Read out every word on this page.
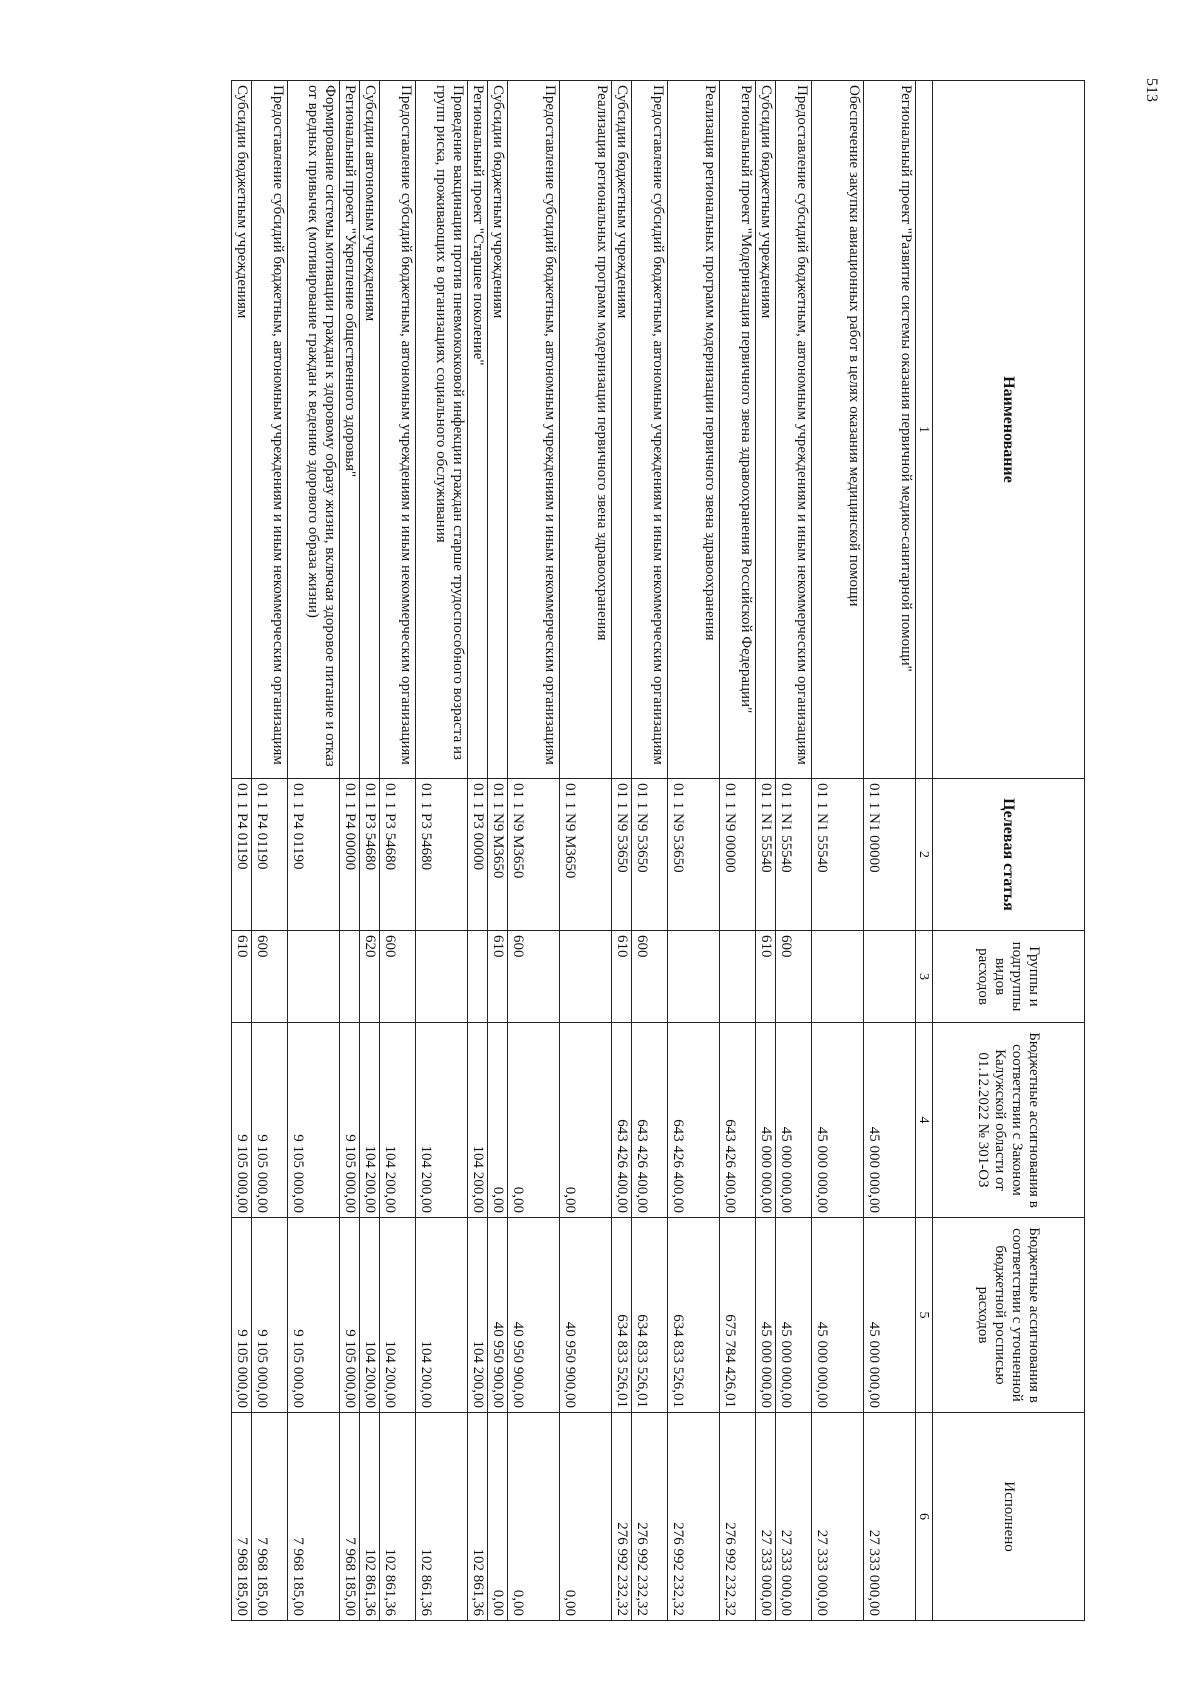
513
Наименование	Целевая статья	Группы и подгруппы видов расходов	Бюджетные ассигнования в соответствии с Законом Калужской области от 01.12.2022 № 301-ОЗ	Бюджетные ассигнования в соответствии с уточненной бюджетной росписью расходов	Исполнено
1	2	3	4	5	6
Региональный проект "Развитие системы оказания первичной медико-санитарной помощи"	01 1 N1 00000		45 000 000,00	45 000 000,00	27 333 000,00
Обеспечение закупки авиационных работ в целях оказания медицинской помощи	01 1 N1 55540		45 000 000,00	45 000 000,00	27 333 000,00
Предоставление субсидий бюджетным, автономным учреждениям и иным некоммерческим организациям	01 1 N1 55540	600	45 000 000,00	45 000 000,00	27 333 000,00
Субсидии бюджетным учреждениям	01 1 N1 55540	610	45 000 000,00	45 000 000,00	27 333 000,00
Региональный проект "Модернизация первичного звена здравоохранения Российской Федерации"	01 1 N9 00000		643 426 400,00	675 784 426,01	276 992 232,32
Реализация региональных программ модернизации первичного звена здравоохранения	01 1 N9 53650		643 426 400,00	634 833 526,01	276 992 232,32
Предоставление субсидий бюджетным, автономным учреждениям и иным некоммерческим организациям	01 1 N9 53650	600	643 426 400,00	634 833 526,01	276 992 232,32
Субсидии бюджетным учреждениям	01 1 N9 53650	610	643 426 400,00	634 833 526,01	276 992 232,32
Реализация региональных программ модернизации первичного звена здравоохранения	01 1 N9 М3650		0,00	40 950 900,00	0,00
Предоставление субсидий бюджетным, автономным учреждениям и иным некоммерческим организациям	01 1 N9 М3650	600	0,00	40 950 900,00	0,00
Субсидии бюджетным учреждениям	01 1 N9 М3650	610	0,00	40 950 900,00	0,00
Региональный проект "Старшее поколение"	01 1 P3 00000		104 200,00	104 200,00	102 861,36
Проведение вакцинации против пневмококковой инфекции граждан старше трудоспособного возраста из групп риска, проживающих в организациях социального обслуживания	01 1 P3 54680		104 200,00	104 200,00	102 861,36
Предоставление субсидий бюджетным, автономным учреждениям и иным некоммерческим организациям	01 1 P3 54680	600	104 200,00	104 200,00	102 861,36
Субсидии автономным учреждениям	01 1 P3 54680	620	104 200,00	104 200,00	102 861,36
Региональный проект "Укрепление общественного здоровья"	01 1 P4 00000		9 105 000,00	9 105 000,00	7 968 185,00
Формирование системы мотивации граждан к здоровому образу жизни, включая здоровое питание и отказ от вредных привычек (мотивирование граждан к ведению здорового образа жизни)	01 1 P4 01190		9 105 000,00	9 105 000,00	7 968 185,00
Предоставление субсидий бюджетным, автономным учреждениям и иным некоммерческим организациям	01 1 P4 01190	600	9 105 000,00	9 105 000,00	7 968 185,00
Субсидии бюджетным учреждениям	01 1 P4 01190	610	9 105 000,00	9 105 000,00	7 968 185,00
